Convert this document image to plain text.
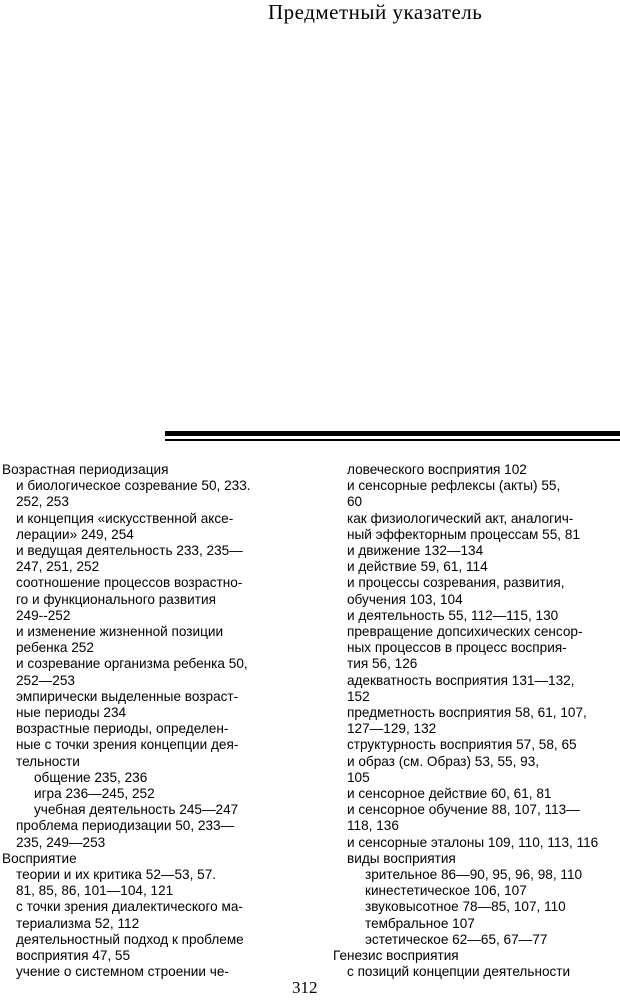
Предметный указатель
Возрастная периодизация
и биологическое созревание 50, 233.
252, 253
и концепция «искусственной аксе-
лерации» 249, 254
и ведущая деятельность 233, 235—
247, 251, 252
соотношение процессов возрастно-
го и функционального развития
249--252
и изменение жизненной позиции
ребенка 252
и созревание организма ребенка 50,
252—253
эмпирически выделенные возраст-
ные периоды 234
возрастные периоды, определен-
ные с точки зрения концепции дея-
тельности
общение 235, 236
игра 236—245, 252
учебная деятельность 245—247
проблема периодизации 50, 233—
235, 249—253
Восприятие
теории и их критика 52—53, 57.
81, 85, 86, 101—104, 121
с точки зрения диалектического ма-
териализма 52, 112
деятельностный подход к проблеме
восприятия 47, 55
учение о системном строении че-
ловеческого восприятия 102
и сенсорные рефлексы (акты) 55,
60
как физиологический акт, аналогич-
ный эффекторным процессам 55, 81
и движение 132—134
и действие 59, 61, 114
и процессы созревания, развития,
обучения 103, 104
и деятельность 55, 112—115, 130
превращение допсихических сенсор-
ных процессов в процесс восприя-
тия 56, 126
адекватность восприятия 131—132,
152
предметность восприятия 58, 61, 107,
127—129, 132
структурность восприятия 57, 58, 65
и образ (см. Образ) 53, 55, 93,
105
и сенсорное действие 60, 61, 81
и сенсорное обучение 88, 107, 113—
118, 136
и сенсорные эталоны 109, 110, 113, 116
виды восприятия
зрительное 86—90, 95, 96, 98, 110
кинестетическое 106, 107
звуковысотное 78—85, 107, 110
тембральное 107
эстетическое 62—65, 67—77
Генезис восприятия
с позиций концепции деятельности
312
